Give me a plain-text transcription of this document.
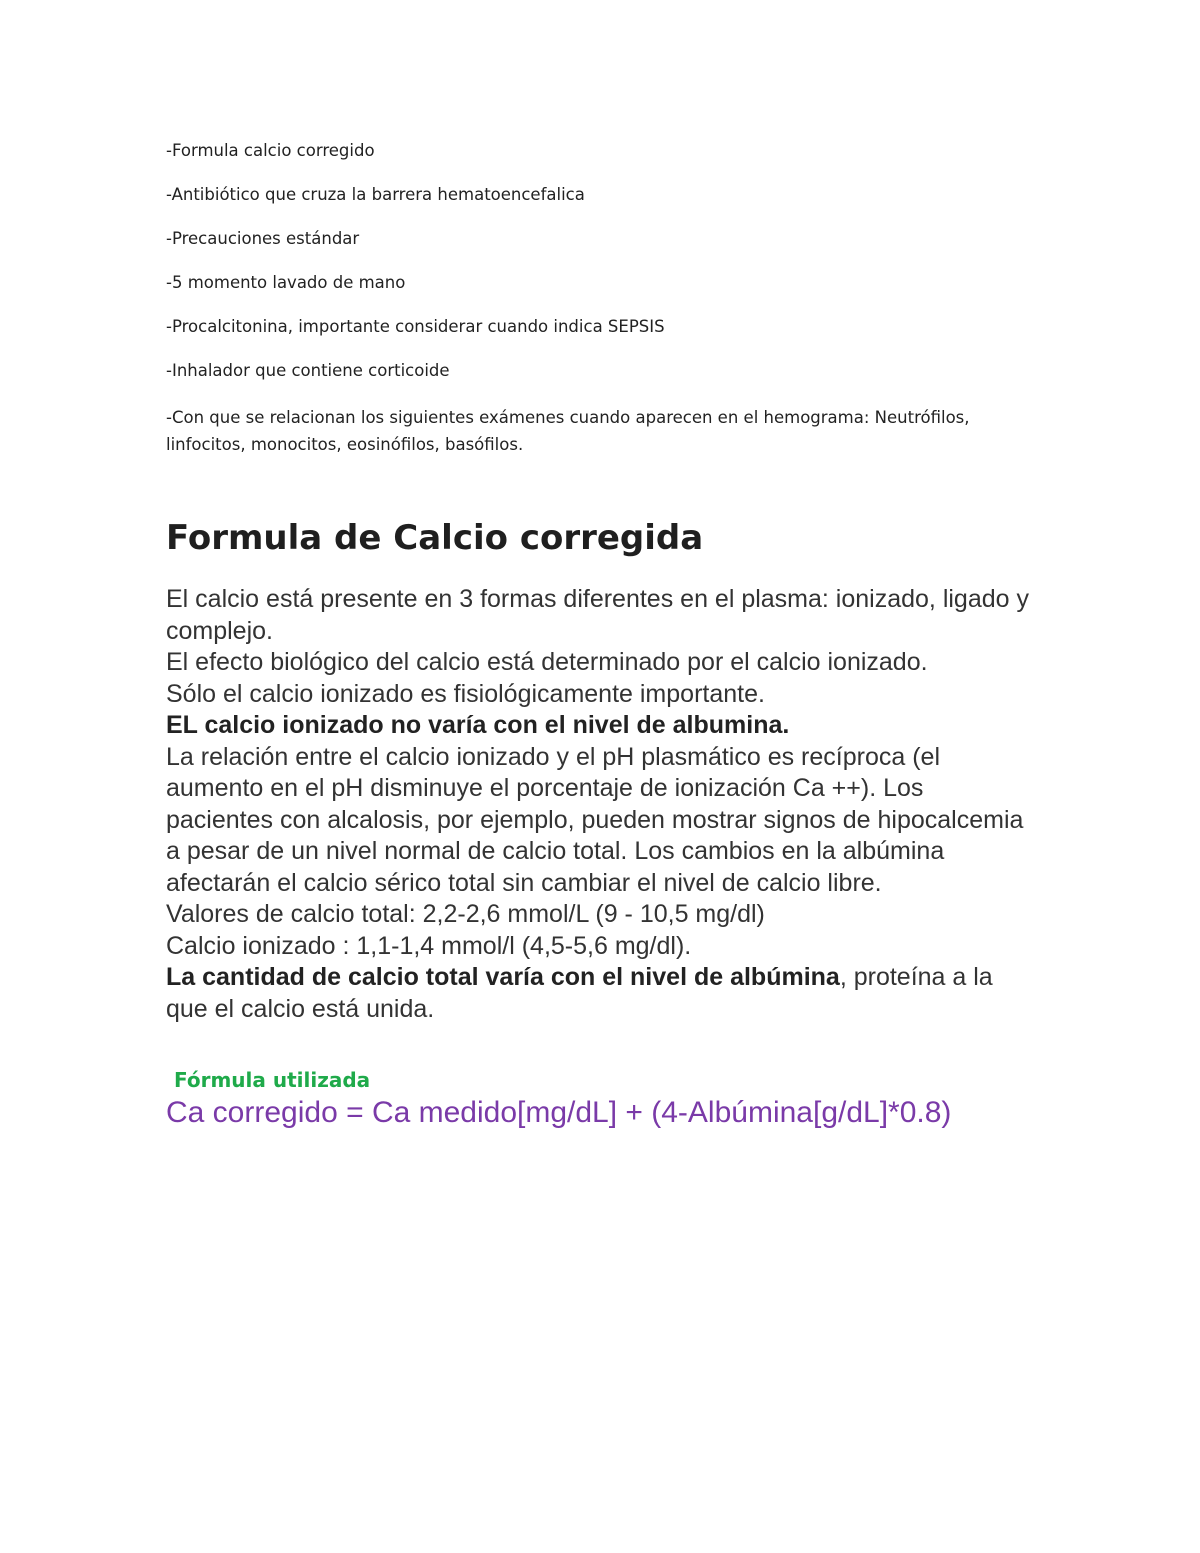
-Formula calcio corregido

-Antibiótico que cruza la barrera hematoencefalica

-Precauciones estándar

-5 momento lavado de mano

-Procalcitonina, importante considerar cuando indica SEPSIS

-Inhalador que contiene corticoide

-Con que se relacionan los siguientes exámenes cuando aparecen en el hemograma: Neutrófilos, linfocitos, monocitos, eosinófilos, basófilos.

Formula de Calcio corregida

El calcio está presente en 3 formas diferentes en el plasma: ionizado, ligado y complejo.

El efecto biológico del calcio está determinado por el calcio ionizado.

Sólo el calcio ionizado es fisiológicamente importante.

EL calcio ionizado no varía con el nivel de albumina.

La relación entre el calcio ionizado y el pH plasmático es recíproca (el aumento en el pH disminuye el porcentaje de ionización Ca ++). Los pacientes con alcalosis, por ejemplo, pueden mostrar signos de hipocalcemia a pesar de un nivel normal de calcio total. Los cambios en la albúmina afectarán el calcio sérico total sin cambiar el nivel de calcio libre.

Valores de calcio total: 2,2-2,6 mmol/L (9 - 10,5 mg/dl)

Calcio ionizado : 1,1-1,4 mmol/l (4,5-5,6 mg/dl).

La cantidad de calcio total varía con el nivel de albúmina, proteína a la que el calcio está unida.

Fórmula utilizada
Ca corregido = Ca medido[mg/dL] + (4-Albúmina[g/dL]*0.8)
